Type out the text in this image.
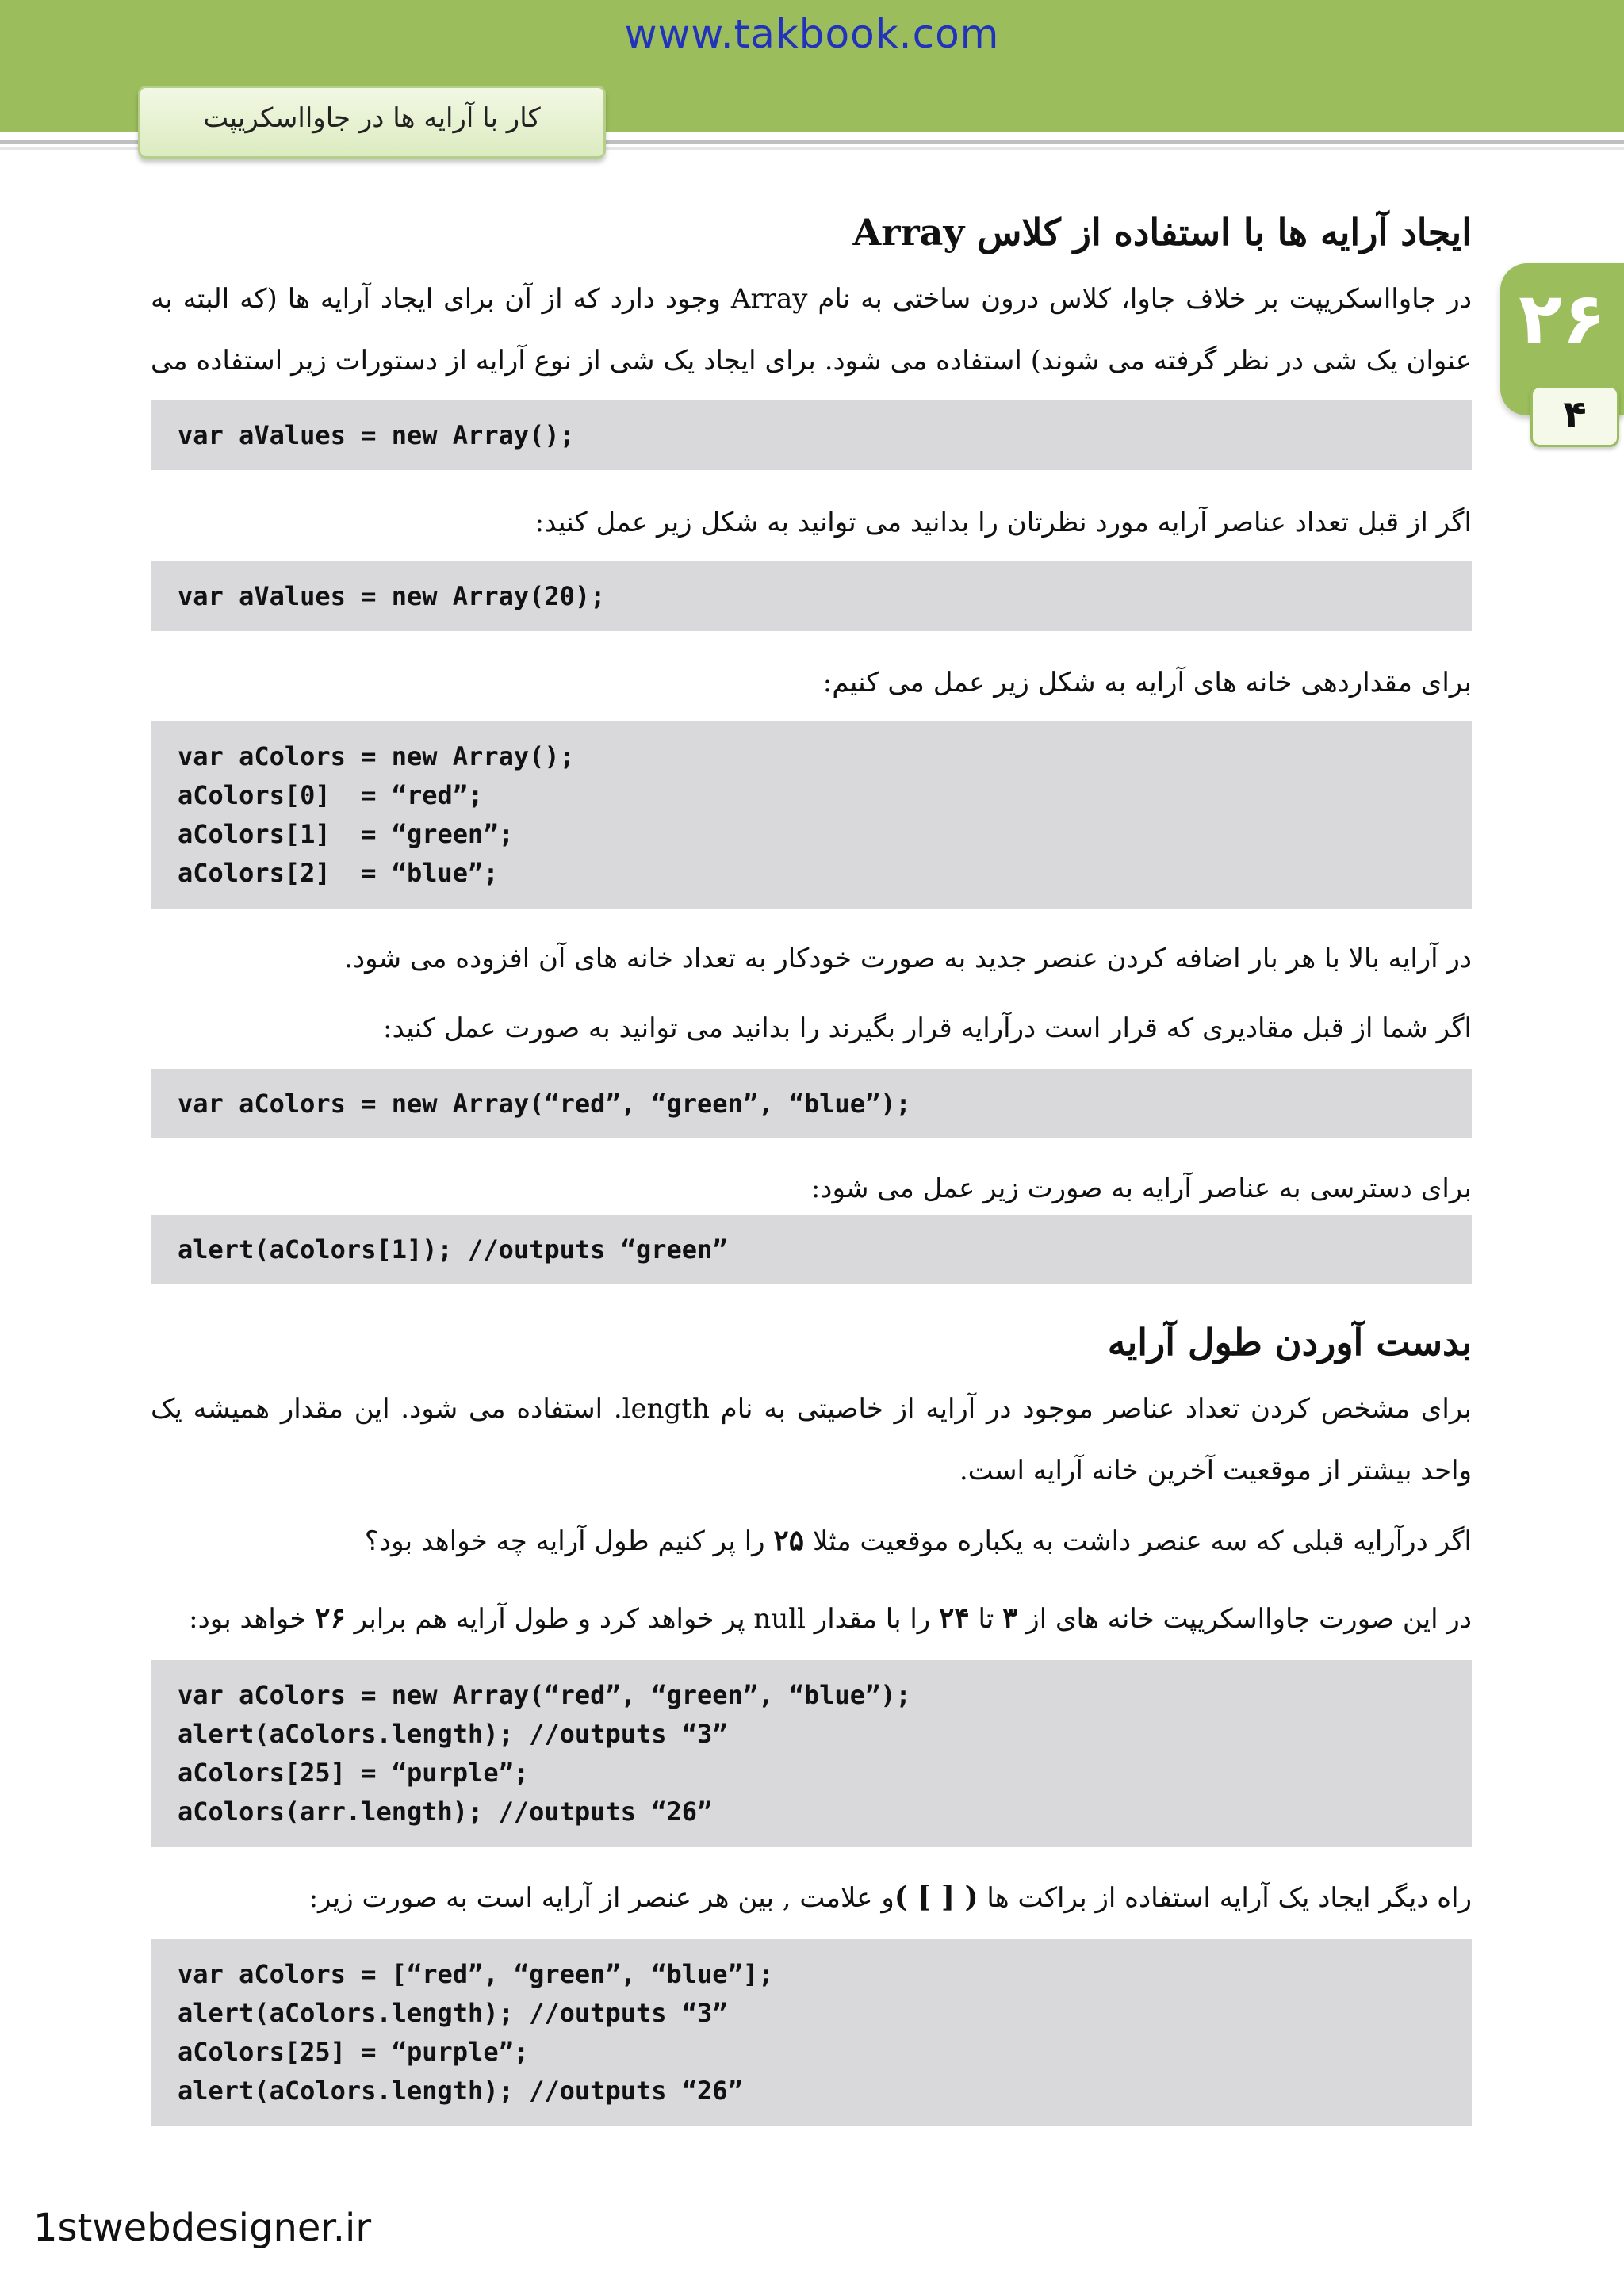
www.takbook.com
کار با آرایه ها در جاوااسکریپت
۲۶
۴
ایجاد آرایه ها با استفاده از کلاس Array

در جاوااسکریپت بر خلاف جاوا، کلاس درون ساختی به نام Array وجود دارد که از آن برای ایجاد آرایه ها (که البته به عنوان یک شی در نظر گرفته می شوند) استفاده می شود. برای ایجاد یک شی از نوع آرایه از دستورات زیر استفاده می

var aValues = new Array();

اگر از قبل تعداد عناصر آرایه مورد نظرتان را بدانید می توانید به شکل زیر عمل کنید:

var aValues = new Array(20);

برای مقداردهی خانه های آرایه به شکل زیر عمل می کنیم:

var aColors = new Array();
aColors[0]  = “red”;
aColors[1]  = “green”;
aColors[2]  = “blue”;

در آرایه بالا با هر بار اضافه کردن عنصر جدید به صورت خودکار به تعداد خانه های آن افزوده می شود.

اگر شما از قبل مقادیری که قرار است درآرایه قرار بگیرند را بدانید می توانید به صورت عمل کنید:

var aColors = new Array(“red”, “green”, “blue”);

برای دسترسی به عناصر آرایه به صورت زیر عمل می شود:

alert(aColors[1]); //outputs “green”
بدست آوردن طول آرایه

برای مشخص کردن تعداد عناصر موجود در آرایه از خاصیتی به نام length. استفاده می شود. این مقدار همیشه یک واحد بیشتر از موقعیت آخرین خانه آرایه است.

اگر درآرایه قبلی که سه عنصر داشت به یکباره موقعیت مثلا ۲۵ را پر کنیم طول آرایه چه خواهد بود؟

در این صورت جاوااسکریپت خانه های از ۳ تا ۲۴ را با مقدار null پر خواهد کرد و طول آرایه هم برابر ۲۶ خواهد بود:

var aColors = new Array(“red”, “green”, “blue”);
alert(aColors.length); //outputs “3”
aColors[25] = “purple”;
aColors(arr.length); //outputs “26”

راه دیگر ایجاد یک آرایه استفاده از براکت ها ( [ ] )و علامت , بین هر عنصر از آرایه است به صورت زیر:

var aColors = [“red”, “green”, “blue”];
alert(aColors.length); //outputs “3”
aColors[25] = “purple”;
alert(aColors.length); //outputs “26”
1stwebdesigner.ir
